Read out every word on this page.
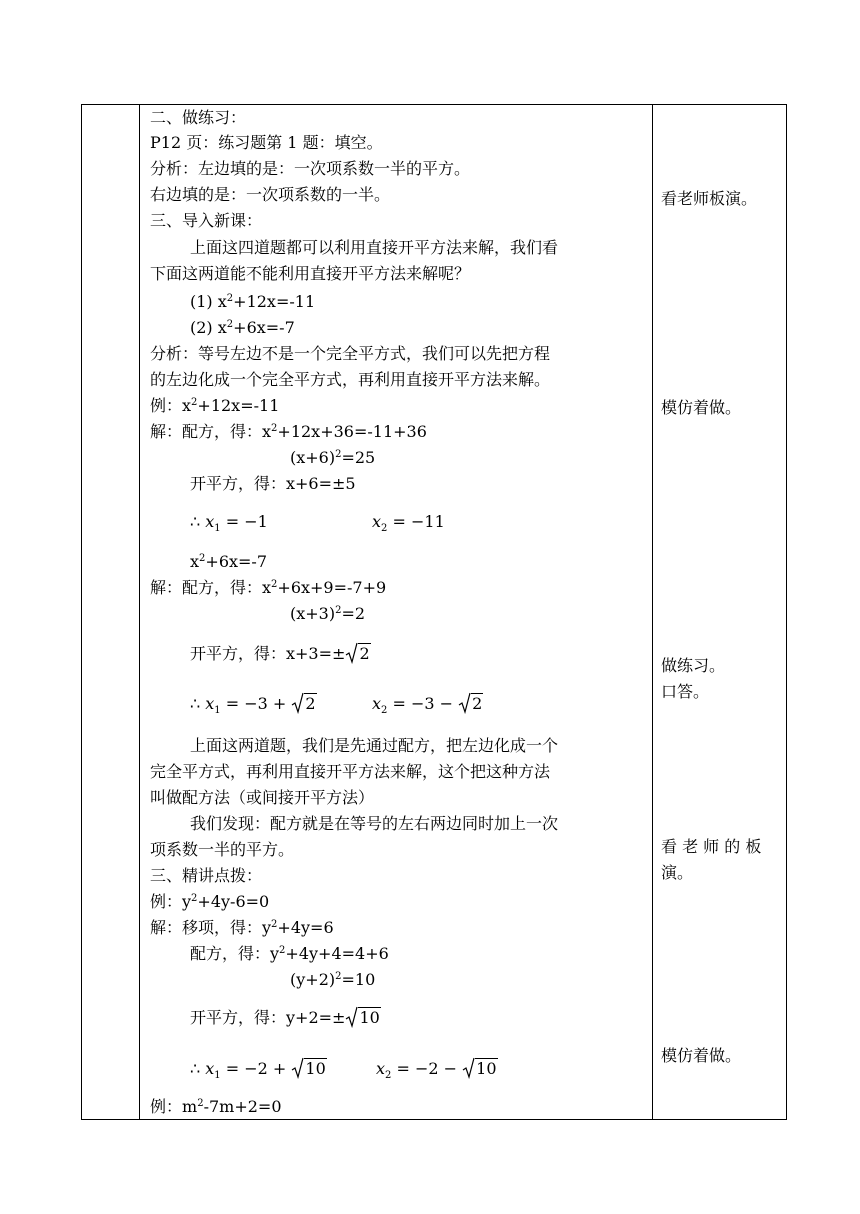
二、做练习：
P12 页：练习题第 1 题：填空。
分析：左边填的是：一次项系数一半的平方。
右边填的是：一次项系数的一半。
三、导入新课：
上面这四道题都可以利用直接开平方法来解，我们看
下面这两道能不能利用直接开平方法来解呢？
(1) $x^2+12x=-11$
(2) $x^2+6x=-7$
分析：等号左边不是一个完全平方式，我们可以先把方程
的左边化成一个完全平方式，再利用直接开平方法来解。
例：$x^2+12x=-11$
解：配方，得：$x^2+12x+36=-11+36$
$(x+6)^2=25$
开平方，得：x+6=±5
∴ $x_1 = -1$	$x_2 = -11$
$x^2+6x=-7$
解：配方，得：$x^2+6x+9=-7+9$
$(x+3)^2=2$
开平方，得：x+3=± 2
∴ $x_1 = -3$ +
2	$x_2 = -3$ −
2
上面这两道题，我们是先通过配方，把左边化成一个
完全平方式，再利用直接开平方法来解，这个把这种方法
叫做配方法（或间接开平方法）
我们发现：配方就是在等号的左右两边同时加上一次
项系数一半的平方。
三、精讲点拨：
例：$y^2+4y-6=0$
解：移项，得：$y^2+4y=6$
配方，得：$y^2+4y+4=4+6$
$(y+2)^2=10$
开平方，得：y+2=± 10
∴ $x_1 = -2$ +
10	$x_2 = -2$ −
10
例：$m^2-7m+2=0$
看老师板演。
模仿着做。
做练习。
口答。
看 老 师 的 板
演。
模仿着做。
